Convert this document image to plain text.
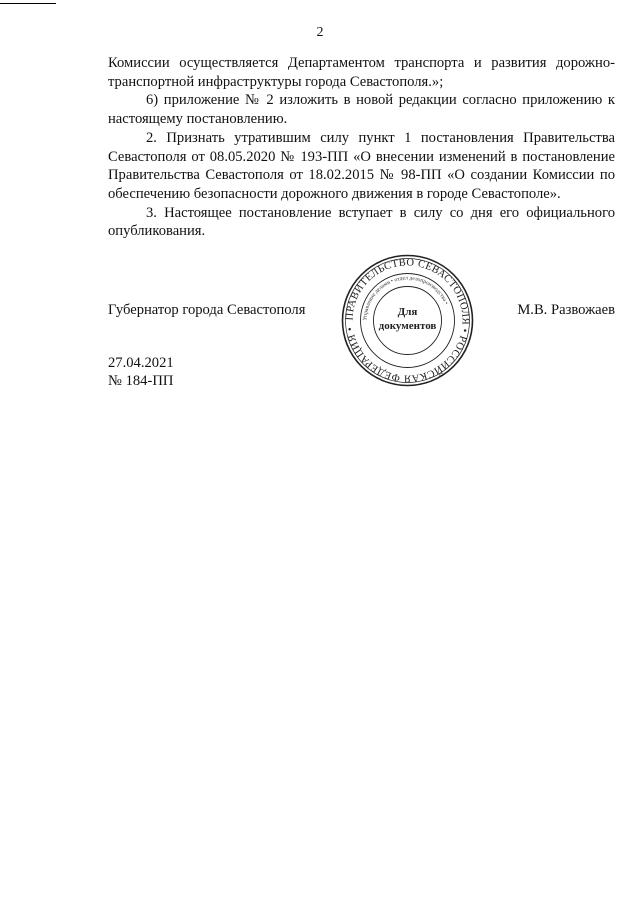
2

Комиссии осуществляется Департаментом транспорта и развития дорожно-транспортной инфраструктуры города Севастополя.»;

6) приложение № 2 изложить в новой редакции согласно приложению к настоящему постановлению.

2. Признать утратившим силу пункт 1 постановления Правительства Севастополя от 08.05.2020 № 193-ПП «О внесении изменений в постановление Правительства Севастополя от 18.02.2015 № 98-ПП «О создании Комиссии по обеспечению безопасности дорожного движения в городе Севастополе».

3. Настоящее постановление вступает в силу со дня его официального опубликования.

Губернатор города Севастополя	М.В. Развожаев
ПРАВИТЕЛЬСТВО СЕВАСТОПОЛЯ • РОССИЙСКАЯ ФЕДЕРАЦИЯ •
Управление делами • отдел делопроизводства •
Для
документов
27.04.2021
№ 184-ПП
